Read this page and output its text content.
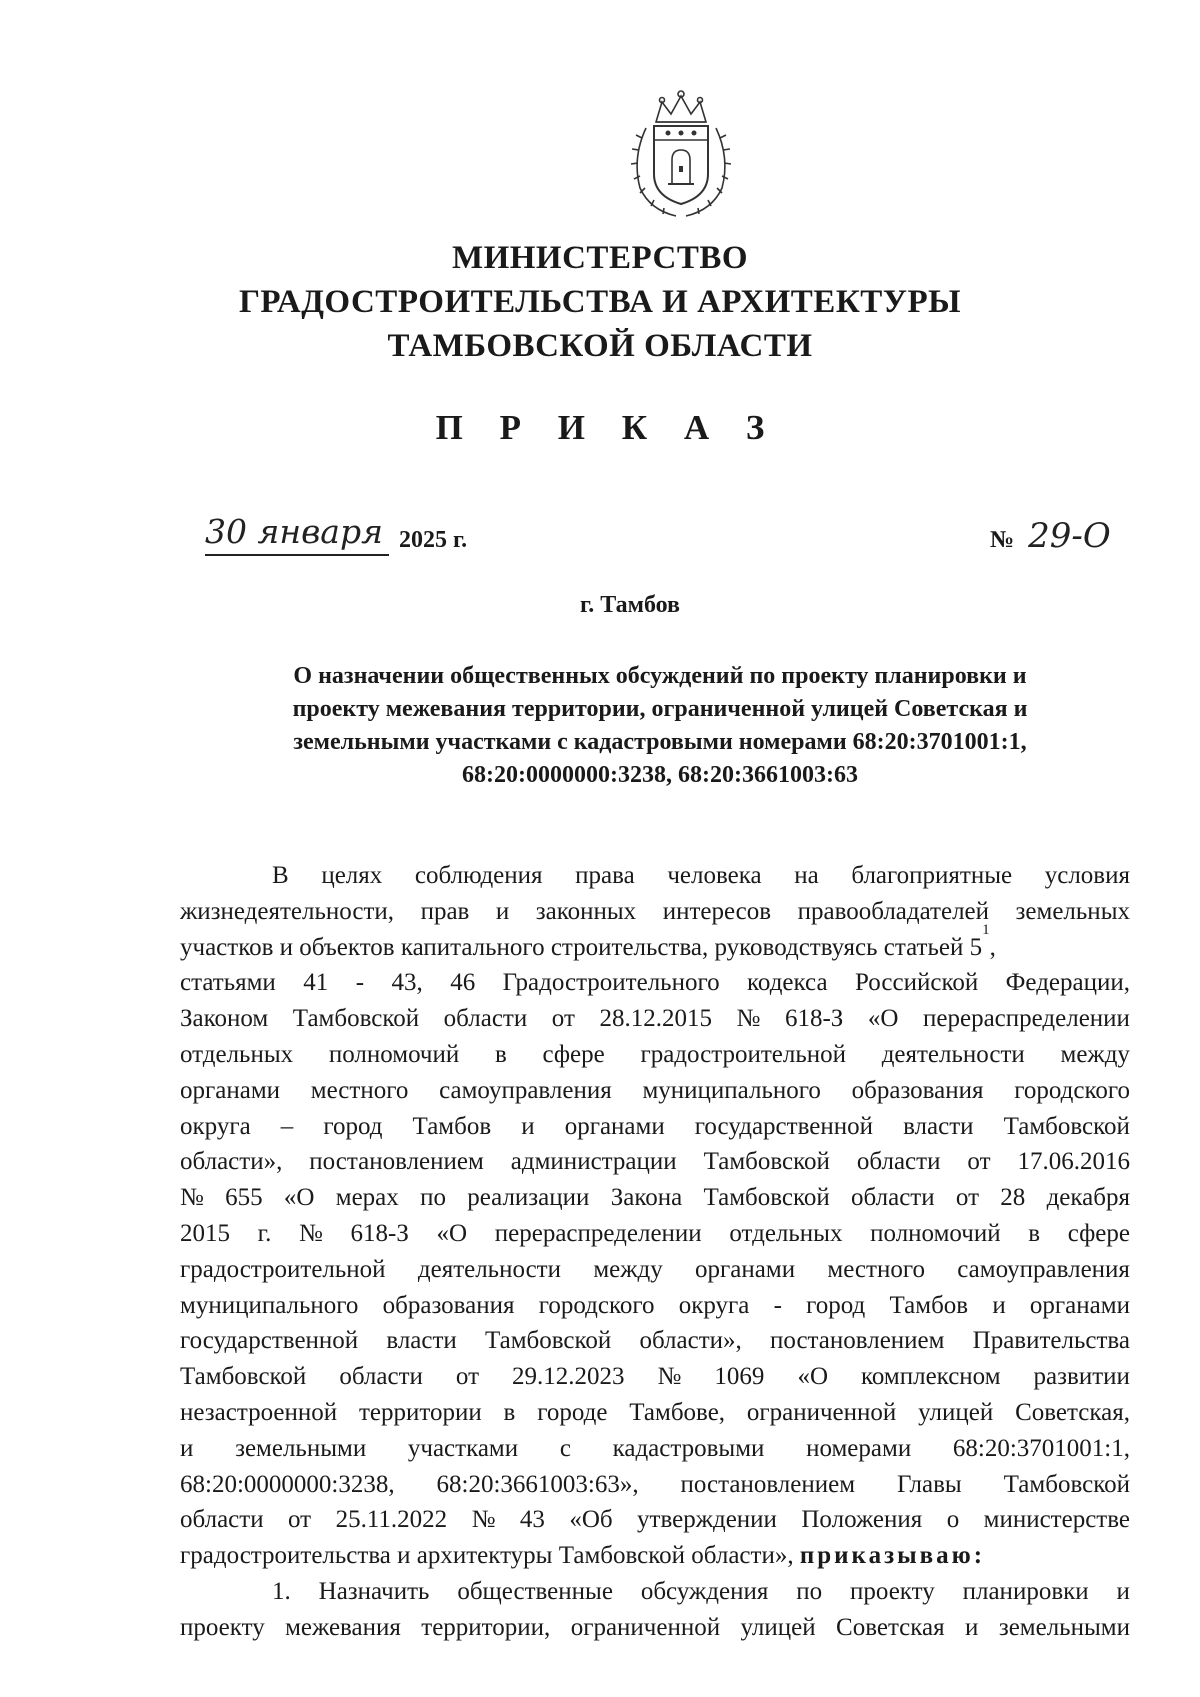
МИНИСТЕРСТВО
ГРАДОСТРОИТЕЛЬСТВА И АРХИТЕКТУРЫ
ТАМБОВСКОЙ ОБЛАСТИ
П Р И К А З
30 января 2025 г.	№ 29-О
г. Тамбов
О назначении общественных обсуждений по проекту планировки и
проекту межевания территории, ограниченной улицей Советская и
земельными участками с кадастровыми номерами 68:20:3701001:1,
68:20:0000000:3238, 68:20:3661003:63
В целях соблюдения права человека на благоприятные условия
жизнедеятельности, прав и законных интересов правообладателей земельных
участков и объектов капитального строительства, руководствуясь статьей 5
1
,
статьями 41 - 43, 46 Градостроительного кодекса Российской Федерации,
Законом Тамбовской области от 28.12.2015 № 618-З «О перераспределении
отдельных полномочий в сфере градостроительной деятельности между
органами местного самоуправления муниципального образования городского
округа – город Тамбов и органами государственной власти Тамбовской
области», постановлением администрации Тамбовской области от 17.06.2016
№ 655 «О мерах по реализации Закона Тамбовской области от 28 декабря
2015 г. № 618-З «О перераспределении отдельных полномочий в сфере
градостроительной деятельности между органами местного самоуправления
муниципального образования городского округа - город Тамбов и органами
государственной власти Тамбовской области», постановлением Правительства
Тамбовской области от 29.12.2023 № 1069 «О комплексном развитии
незастроенной территории в городе Тамбове, ограниченной улицей Советская,
и земельными участками с кадастровыми номерами 68:20:3701001:1,
68:20:0000000:3238, 68:20:3661003:63», постановлением Главы Тамбовской
области от 25.11.2022 № 43 «Об утверждении Положения о министерстве
градостроительства и архитектуры Тамбовской области», приказываю:
1. Назначить общественные обсуждения по проекту планировки и
проекту межевания территории, ограниченной улицей Советская и земельными
